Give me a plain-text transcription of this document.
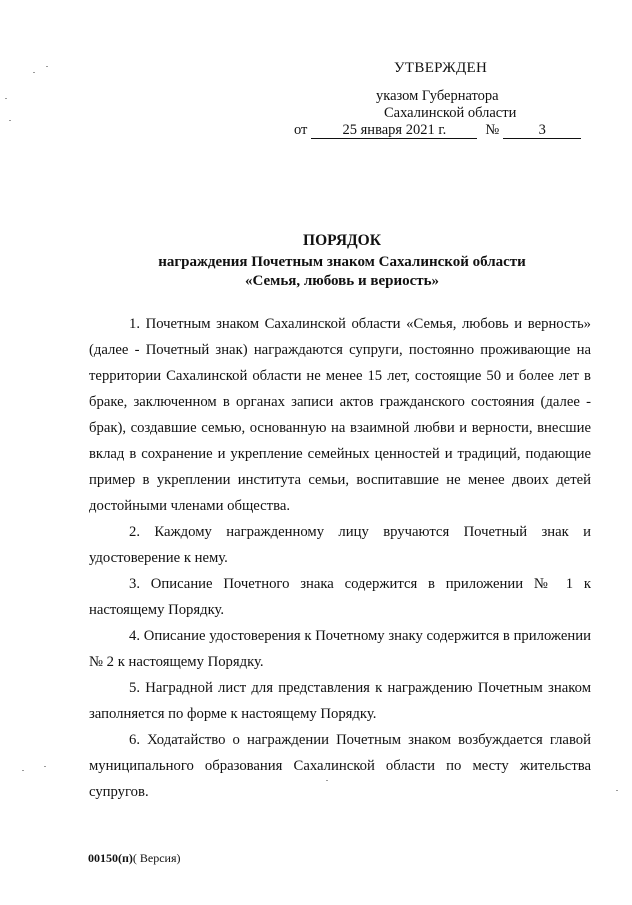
УТВЕРЖДЕН
указом Губернатора
Сахалинской области
от 25 января 2021 г.	№	3
ПОРЯДОК
награждения Почетным знаком Сахалинской области
«Семья, любовь и вериость»

1. Почетным знаком Сахалинской области «Семья, любовь и верность» (далее - Почетный знак) награждаются супруги, постоянно проживающие на территории Сахалинской области не менее 15 лет, состоящие 50 и более лет в браке, заключенном в органах записи актов гражданского состояния (далее - брак), создавшие семью, основанную на взаимной любви и верности, внесшие вклад в сохранение и укрепление семейных ценностей и традиций, подающие пример в укреплении института семьи, воспитавшие не менее двоих детей достойными членами общества.

2. Каждому награжденному лицу вручаются Почетный знак и удостоверение к нему.

3. Описание Почетного знака содержится в приложении № 1 к настоящему Порядку.

4. Описание удостоверения к Почетному знаку содержится в приложении № 2 к настоящему Порядку.

5. Наградной лист для представления к награждению Почетным знаком заполняется по форме к настоящему Порядку.

6. Ходатайство о награждении Почетным знаком возбуждается главой муниципального образования Сахалинской области по месту жительства супругов.

00150(п)( Версия)
